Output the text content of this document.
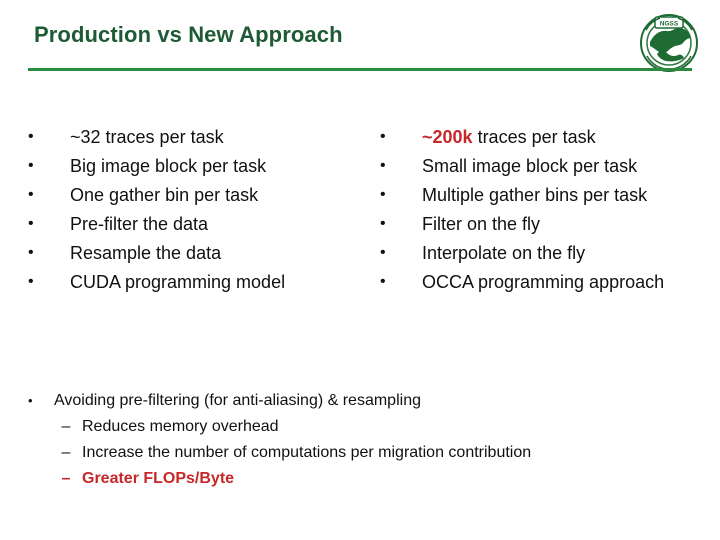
Production vs New Approach	NGSS
•	~32 traces per task
•	Big image block per task
•	One gather bin per task
•	Pre-filter the data
•	Resample the data
•	CUDA programming model
•	~200k traces per task
•	Small image block per task
•	Multiple gather bins per task
•	Filter on the fly
•	Interpolate on the fly
•	OCCA programming approach
•	Avoiding pre-filtering (for anti-aliasing) & resampling
– Reduces memory overhead
– Increase the number of computations per migration contribution
– Greater FLOPs/Byte
